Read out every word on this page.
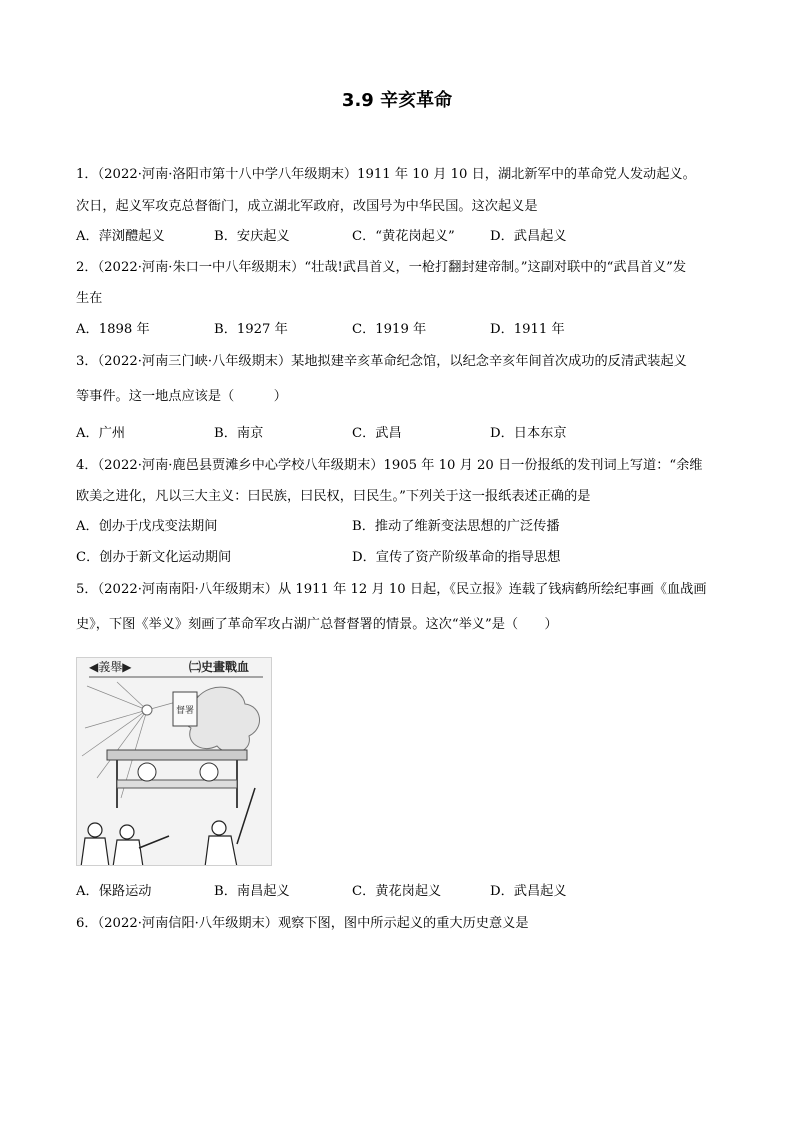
3.9 辛亥革命
1．（2022·河南·洛阳市第十八中学八年级期末）1911 年 10 月 10 日，湖北新军中的革命党人发动起义。
次日，起义军攻克总督衙门，成立湖北军政府，改国号为中华民国。这次起义是
A．萍浏醴起义	B．安庆起义	C．“黄花岗起义”	D．武昌起义
2．（2022·河南·朱口一中八年级期末）“壮哉!武昌首义，一枪打翻封建帝制。”这副对联中的“武昌首义”发
生在
A．1898 年	B．1927 年	C．1919 年	D．1911 年
3．（2022·河南三门峡·八年级期末）某地拟建辛亥革命纪念馆，以纪念辛亥年间首次成功的反清武装起义
等事件。这一地点应该是（　　　）
A．广州	B．南京	C．武昌	D．日本东京
4．（2022·河南·鹿邑县贾滩乡中心学校八年级期末）1905 年 10 月 20 日一份报纸的发刊词上写道：“余维
欧美之进化，凡以三大主义：曰民族，曰民权，曰民生。”下列关于这一报纸表述正确的是
A．创办于戊戌变法期间	B．推动了维新变法思想的广泛传播
C．创办于新文化运动期间	D．宣传了资产阶级革命的指导思想
5．（2022·河南南阳·八年级期末）从 1911 年 12 月 10 日起，《民立报》连载了钱病鹤所绘纪事画《血战画
史》，下图《举义》刻画了革命军攻占湖广总督督署的情景。这次“举义”是（　　）
◀義舉▶	㈡史畫戰血
督署
A．保路运动	B．南昌起义	C．黄花岗起义	D．武昌起义
6．（2022·河南信阳·八年级期末）观察下图，图中所示起义的重大历史意义是
